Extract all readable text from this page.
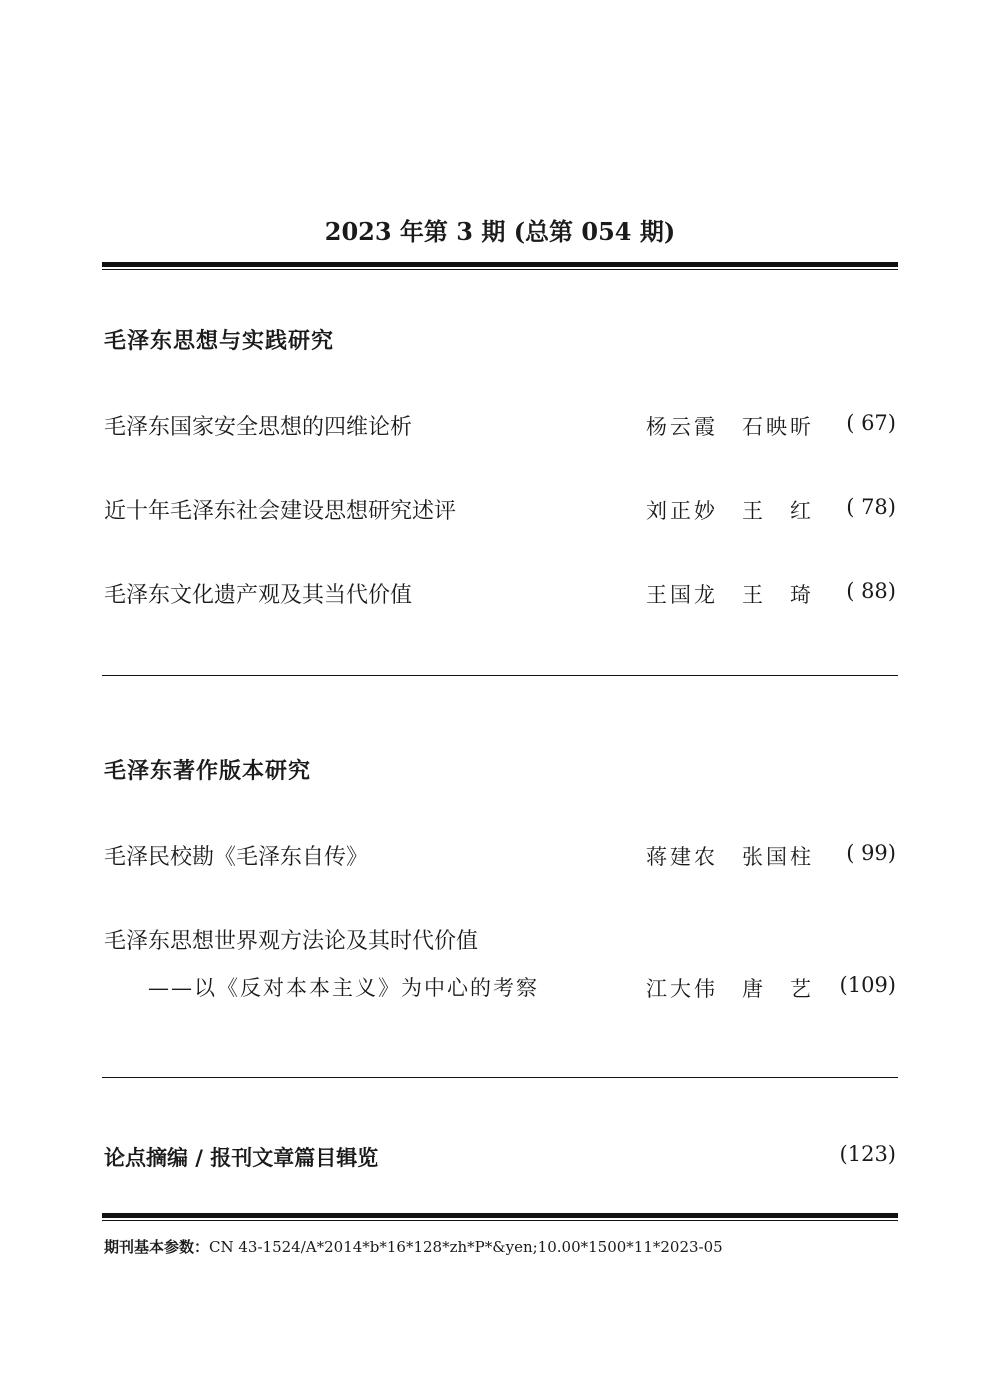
2023 年第 3 期 (总第 054 期)
毛泽东思想与实践研究
毛泽东国家安全思想的四维论析	杨云霞　石映昕 ( 67)
近十年毛泽东社会建设思想研究述评	刘正妙　王　红 ( 78)
毛泽东文化遗产观及其当代价值	王国龙　王　琦 ( 88)
毛泽东著作版本研究
毛泽民校勘《毛泽东自传》	蒋建农　张国柱 ( 99)
毛泽东思想世界观方法论及其时代价值
——以《反对本本主义》为中心的考察	江大伟　唐　艺 (109)
论点摘编 / 报刊文章篇目辑览	(123)
期刊基本参数：CN 43-1524/A*2014*b*16*128*zh*P*&yen;10.00*1500*11*2023-05
